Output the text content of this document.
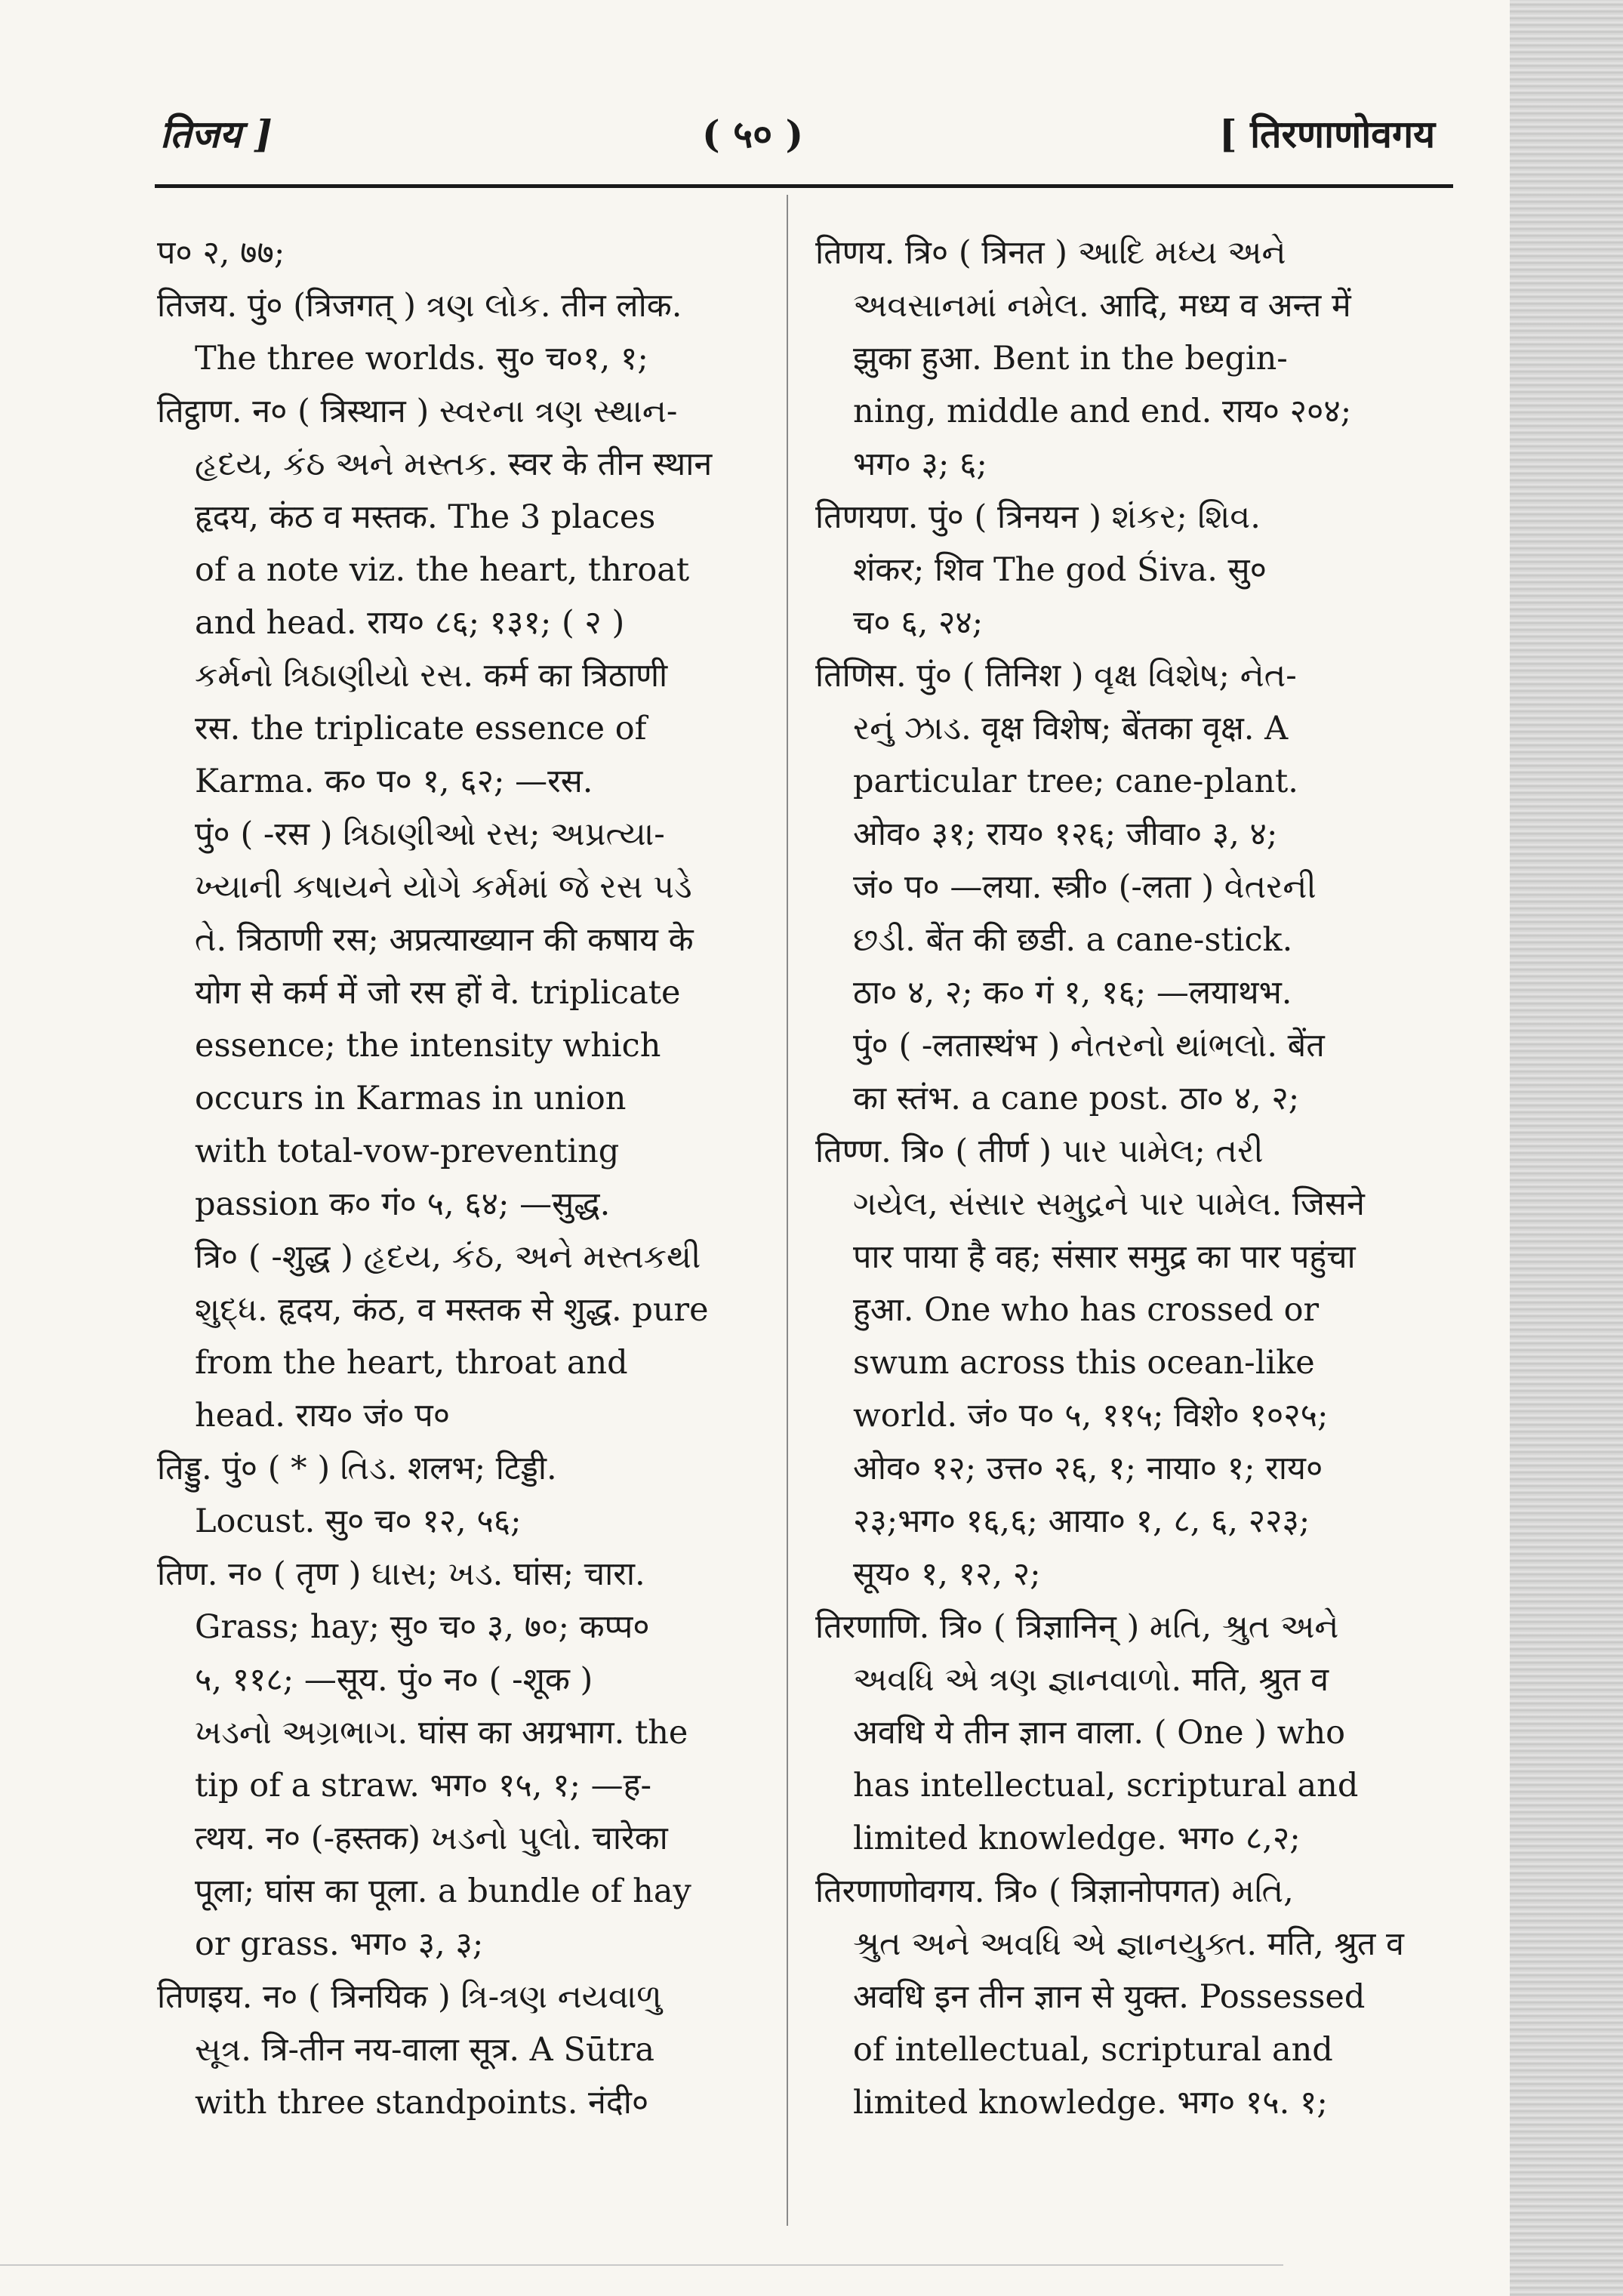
तिजय ]	( ५० )	[ तिरणाणोवगय
प० २, ७७;
तिजय. पुं० (त्रिजगत् ) ત્રણ લોક. तीन लोक.
The three worlds. सु० च०१, १;
तिट्ठाण. न० ( त्रिस्थान ) સ્વરના ત્રણ સ્થાન-
હૃદય, કંઠ અને મસ્તક. स्वर के तीन स्थान
हृदय, कंठ व मस्तक. The 3 places
of a note viz. the heart, throat
and head. राय० ८६; १३१; ( २ )
કર્મનો ત્રિઠાણીયો રસ. कर्म का त्रिठाणी
रस. the triplicate essence of
Karma. क० प० १, ६२; —रस.
पुं० ( -रस ) ત્રિઠાણીઓ રસ; અપ્રત્યા-
ખ્યાની કષાયને યોગે કર્મમાં જે રસ પડે
તે. त्रिठाणी रस; अप्रत्याख्यान की कषाय के
योग से कर्म में जो रस हों वे. triplicate
essence; the intensity which
occurs in Karmas in union
with total-vow-preventing
passion क० गं० ५, ६४; —सुद्ध.
त्रि० ( -शुद्ध ) હૃદય, કંઠ, અને મસ્તકથી
શુદ્ધ. हृदय, कंठ, व मस्तक से शुद्ध. pure
from the heart, throat and
head. राय० जं० प०
तिड्डु. पुं० ( * ) તિડ. शलभ; टिड्डी.
Locust. सु० च० १२, ५६;
तिण. न० ( तृण ) ઘાસ; ખડ. घांस; चारा.
Grass; hay; सु० च० ३, ७०; कप्प०
५, ११८; —सूय. पुं० न० ( -शूक )
ખડનો અગ્રભાગ. घांस का अग्रभाग. the
tip of a straw. भग० १५, १; —ह-
त्थय. न० (-हस्तक) ખડનો પુલો. चारेका
पूला; घांस का पूला. a bundle of hay
or grass. भग० ३, ३;
तिणइय. न० ( त्रिनयिक ) ત્રિ-ત્રણ નયવાળુ
સૂત્ર. त्रि-तीन नय-वाला सूत्र. A Sūtra
with three standpoints. नंदी०
तिणय. त्रि० ( त्रिनत ) આદિ મધ્ય અને
અવસાનમાં નમેલ. आदि, मध्य व अन्त में
झुका हुआ. Bent in the begin-
ning, middle and end. राय० २०४;
भग० ३; ६;
तिणयण. पुं० ( त्रिनयन ) શંકર; શિવ.
शंकर; शिव The god Śiva. सु०
च० ६, २४;
तिणिस. पुं० ( तिनिश ) વૃક્ષ વિશેષ; નેત-
રનું ઝાડ. वृक्ष विशेष; बेंतका वृक्ष. A
particular tree; cane-plant.
ओव० ३१; राय० १२६; जीवा० ३, ४;
जं० प० —लया. स्त्री० (-लता ) વેતરની
છડી. बेंत की छडी. a cane-stick.
ठा० ४, २; क० गं १, १६; —लयाथभ.
पुं० ( -लतास्थंभ ) નેતરનો થાંભલો. बेंत
का स्तंभ. a cane post. ठा० ४, २;
तिण्ण. त्रि० ( तीर्ण ) પાર પામેલ; તરી
ગયેલ, સંસાર સમુદ્રને પાર પામેલ. जिसने
पार पाया है वह; संसार समुद्र का पार पहुंचा
हुआ. One who has crossed or
swum across this ocean-like
world. जं० प० ५, ११५; विशे० १०२५;
ओव० १२; उत्त० २६, १; नाया० १; राय०
२३;भग० १६,६; आया० १, ८, ६, २२३;
सूय० १, १२, २;
तिरणाणि. त्रि० ( त्रिज्ञानिन् ) મતિ, શ્રુત અને
અવધિ એ ત્રણ જ્ઞાનવાળો. मति, श्रुत व
अवधि ये तीन ज्ञान वाला. ( One ) who
has intellectual, scriptural and
limited knowledge. भग० ८,२;
तिरणाणोवगय. त्रि० ( त्रिज्ञानोपगत) મતિ,
શ્રુત અને અવધિ એ જ્ઞાનયુક્ત. मति, श्रुत व
अवधि इन तीन ज्ञान से युक्त. Possessed
of intellectual, scriptural and
limited knowledge. भग० १५. १;
